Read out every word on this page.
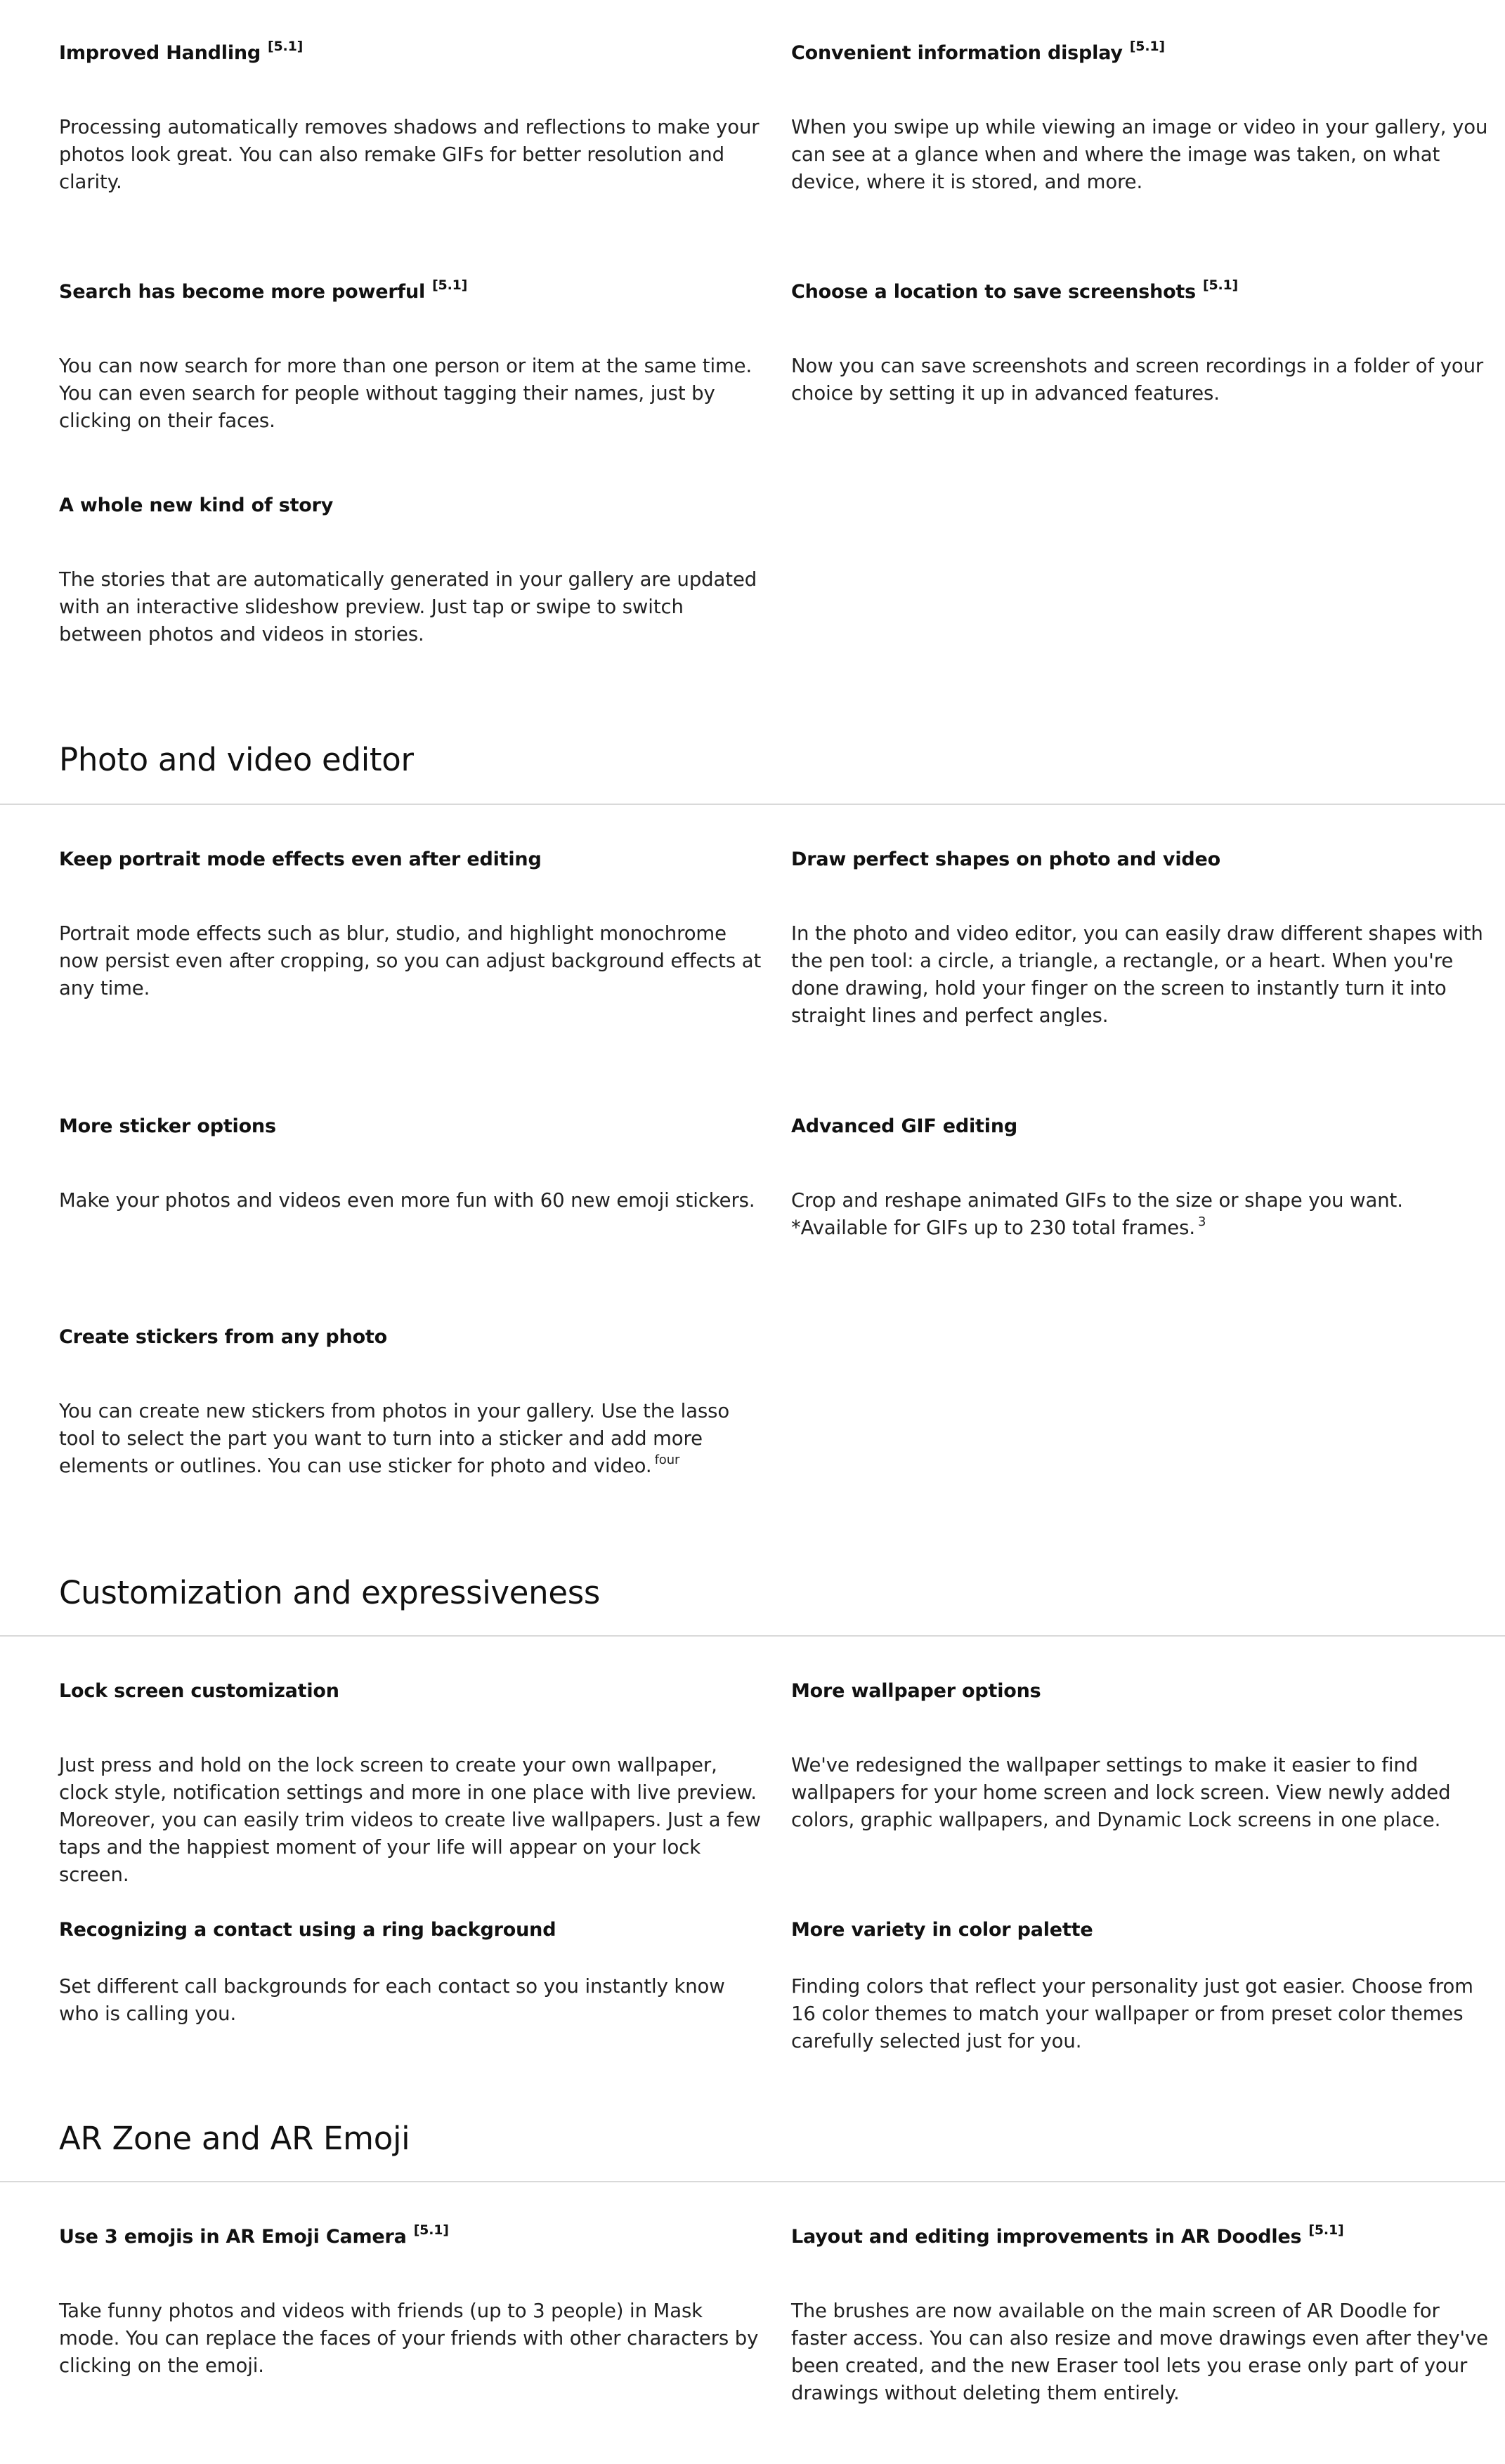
Improved Handling [5.1]
Processing automatically removes shadows and reflections to make your photos look great. You can also remake GIFs for better resolution and clarity.
Convenient information display [5.1]
When you swipe up while viewing an image or video in your gallery, you can see at a glance when and where the image was taken, on what device, where it is stored, and more.
Search has become more powerful [5.1]
You can now search for more than one person or item at the same time. You can even search for people without tagging their names, just by clicking on their faces.
Choose a location to save screenshots [5.1]
Now you can save screenshots and screen recordings in a folder of your choice by setting it up in advanced features.
A whole new kind of story
The stories that are automatically generated in your gallery are updated with an interactive slideshow preview. Just tap or swipe to switch between photos and videos in stories.
Photo and video editor
Keep portrait mode effects even after editing
Portrait mode effects such as blur, studio, and highlight monochrome now persist even after cropping, so you can adjust background effects at any time.
Draw perfect shapes on photo and video
In the photo and video editor, you can easily draw different shapes with the pen tool: a circle, a triangle, a rectangle, or a heart. When you're done drawing, hold your finger on the screen to instantly turn it into straight lines and perfect angles.
More sticker options
Make your photos and videos even more fun with 60 new emoji stickers.
Advanced GIF editing
Crop and reshape animated GIFs to the size or shape you want. *Available for GIFs up to 230 total frames. $^3$
Create stickers from any photo
You can create new stickers from photos in your gallery. Use the lasso tool to select the part you want to turn into a sticker and add more elements or outlines. You can use sticker for photo and video. $^{four}$
Customization and expressiveness
Lock screen customization
Just press and hold on the lock screen to create your own wallpaper, clock style, notification settings and more in one place with live preview. Moreover, you can easily trim videos to create live wallpapers. Just a few taps and the happiest moment of your life will appear on your lock screen.
More wallpaper options
We've redesigned the wallpaper settings to make it easier to find wallpapers for your home screen and lock screen. View newly added colors, graphic wallpapers, and Dynamic Lock screens in one place.
Recognizing a contact using a ring background
Set different call backgrounds for each contact so you instantly know who is calling you.
More variety in color palette
Finding colors that reflect your personality just got easier. Choose from 16 color themes to match your wallpaper or from preset color themes carefully selected just for you.
AR Zone and AR Emoji
Use 3 emojis in AR Emoji Camera [5.1]
Take funny photos and videos with friends (up to 3 people) in Mask mode. You can replace the faces of your friends with other characters by clicking on the emoji.
Layout and editing improvements in AR Doodles [5.1]
The brushes are now available on the main screen of AR Doodle for faster access. You can also resize and move drawings even after they've been created, and the new Eraser tool lets you erase only part of your drawings without deleting them entirely.
